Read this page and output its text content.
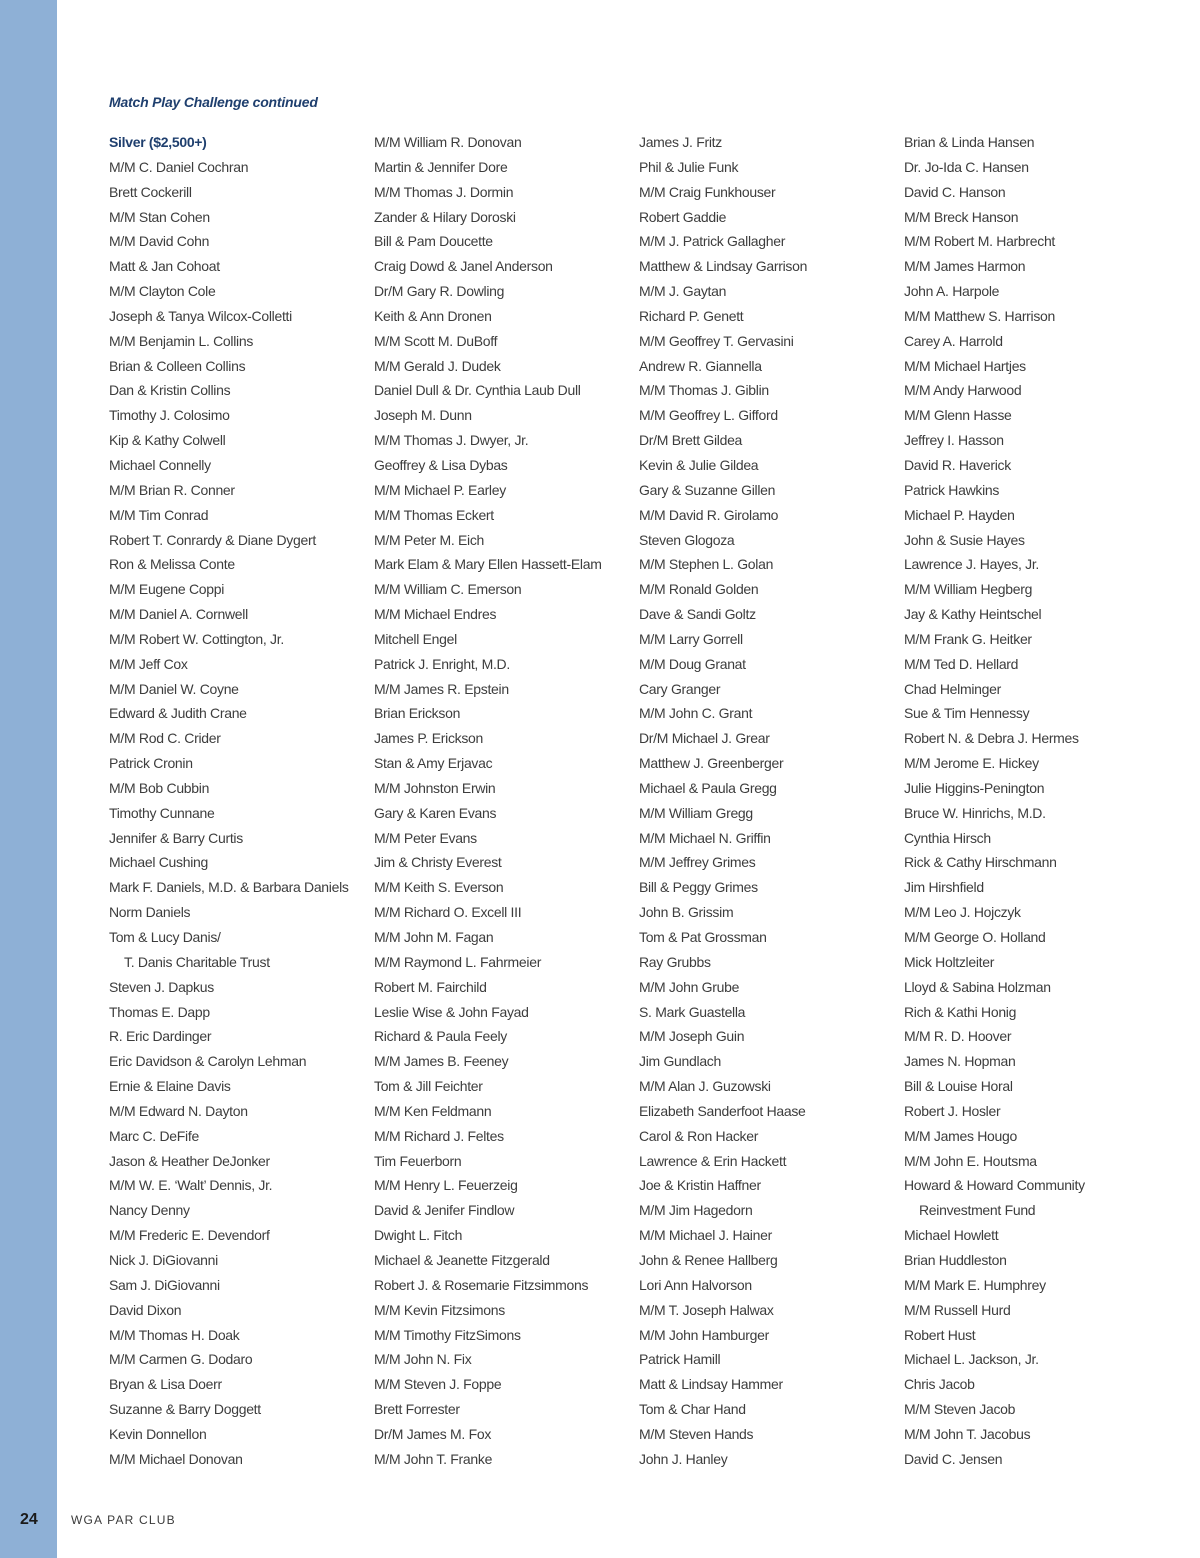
Match Play Challenge continued
Silver ($2,500+)
M/M C. Daniel Cochran
Brett Cockerill
M/M Stan Cohen
M/M David Cohn
Matt & Jan Cohoat
M/M Clayton Cole
Joseph & Tanya Wilcox-Colletti
M/M Benjamin L. Collins
Brian & Colleen Collins
Dan & Kristin Collins
Timothy J. Colosimo
Kip & Kathy Colwell
Michael Connelly
M/M Brian R. Conner
M/M Tim Conrad
Robert T. Conrardy & Diane Dygert
Ron & Melissa Conte
M/M Eugene Coppi
M/M Daniel A. Cornwell
M/M Robert W. Cottington, Jr.
M/M Jeff Cox
M/M Daniel W. Coyne
Edward & Judith Crane
M/M Rod C. Crider
Patrick Cronin
M/M Bob Cubbin
Timothy Cunnane
Jennifer & Barry Curtis
Michael Cushing
Mark F. Daniels, M.D. & Barbara Daniels
Norm Daniels
Tom & Lucy Danis/
T. Danis Charitable Trust
Steven J. Dapkus
Thomas E. Dapp
R. Eric Dardinger
Eric Davidson & Carolyn Lehman
Ernie & Elaine Davis
M/M Edward N. Dayton
Marc C. DeFife
Jason & Heather DeJonker
M/M W. E. ‘Walt’ Dennis, Jr.
Nancy Denny
M/M Frederic E. Devendorf
Nick J. DiGiovanni
Sam J. DiGiovanni
David Dixon
M/M Thomas H. Doak
M/M Carmen G. Dodaro
Bryan & Lisa Doerr
Suzanne & Barry Doggett
Kevin Donnellon
M/M Michael Donovan
M/M William R. Donovan
Martin & Jennifer Dore
M/M Thomas J. Dormin
Zander & Hilary Doroski
Bill & Pam Doucette
Craig Dowd & Janel Anderson
Dr/M Gary R. Dowling
Keith & Ann Dronen
M/M Scott M. DuBoff
M/M Gerald J. Dudek
Daniel Dull & Dr. Cynthia Laub Dull
Joseph M. Dunn
M/M Thomas J. Dwyer, Jr.
Geoffrey & Lisa Dybas
M/M Michael P. Earley
M/M Thomas Eckert
M/M Peter M. Eich
Mark Elam & Mary Ellen Hassett-Elam
M/M William C. Emerson
M/M Michael Endres
Mitchell Engel
Patrick J. Enright, M.D.
M/M James R. Epstein
Brian Erickson
James P. Erickson
Stan & Amy Erjavac
M/M Johnston Erwin
Gary & Karen Evans
M/M Peter Evans
Jim & Christy Everest
M/M Keith S. Everson
M/M Richard O. Excell III
M/M John M. Fagan
M/M Raymond L. Fahrmeier
Robert M. Fairchild
Leslie Wise & John Fayad
Richard & Paula Feely
M/M James B. Feeney
Tom & Jill Feichter
M/M Ken Feldmann
M/M Richard J. Feltes
Tim Feuerborn
M/M Henry L. Feuerzeig
David & Jenifer Findlow
Dwight L. Fitch
Michael & Jeanette Fitzgerald
Robert J. & Rosemarie Fitzsimmons
M/M Kevin Fitzsimons
M/M Timothy FitzSimons
M/M John N. Fix
M/M Steven J. Foppe
Brett Forrester
Dr/M James M. Fox
M/M John T. Franke
James J. Fritz
Phil & Julie Funk
M/M Craig Funkhouser
Robert Gaddie
M/M J. Patrick Gallagher
Matthew & Lindsay Garrison
M/M J. Gaytan
Richard P. Genett
M/M Geoffrey T. Gervasini
Andrew R. Giannella
M/M Thomas J. Giblin
M/M Geoffrey L. Gifford
Dr/M Brett Gildea
Kevin & Julie Gildea
Gary & Suzanne Gillen
M/M David R. Girolamo
Steven Glogoza
M/M Stephen L. Golan
M/M Ronald Golden
Dave & Sandi Goltz
M/M Larry Gorrell
M/M Doug Granat
Cary Granger
M/M John C. Grant
Dr/M Michael J. Grear
Matthew J. Greenberger
Michael & Paula Gregg
M/M William Gregg
M/M Michael N. Griffin
M/M Jeffrey Grimes
Bill & Peggy Grimes
John B. Grissim
Tom & Pat Grossman
Ray Grubbs
M/M John Grube
S. Mark Guastella
M/M Joseph Guin
Jim Gundlach
M/M Alan J. Guzowski
Elizabeth Sanderfoot Haase
Carol & Ron Hacker
Lawrence & Erin Hackett
Joe & Kristin Haffner
M/M Jim Hagedorn
M/M Michael J. Hainer
John & Renee Hallberg
Lori Ann Halvorson
M/M T. Joseph Halwax
M/M John Hamburger
Patrick Hamill
Matt & Lindsay Hammer
Tom & Char Hand
M/M Steven Hands
John J. Hanley
Brian & Linda Hansen
Dr. Jo-Ida C. Hansen
David C. Hanson
M/M Breck Hanson
M/M Robert M. Harbrecht
M/M James Harmon
John A. Harpole
M/M Matthew S. Harrison
Carey A. Harrold
M/M Michael Hartjes
M/M Andy Harwood
M/M Glenn Hasse
Jeffrey I. Hasson
David R. Haverick
Patrick Hawkins
Michael P. Hayden
John & Susie Hayes
Lawrence J. Hayes, Jr.
M/M William Hegberg
Jay & Kathy Heintschel
M/M Frank G. Heitker
M/M Ted D. Hellard
Chad Helminger
Sue & Tim Hennessy
Robert N. & Debra J. Hermes
M/M Jerome E. Hickey
Julie Higgins-Penington
Bruce W. Hinrichs, M.D.
Cynthia Hirsch
Rick & Cathy Hirschmann
Jim Hirshfield
M/M Leo J. Hojczyk
M/M George O. Holland
Mick Holtzleiter
Lloyd & Sabina Holzman
Rich & Kathi Honig
M/M R. D. Hoover
James N. Hopman
Bill & Louise Horal
Robert J. Hosler
M/M James Hougo
M/M John E. Houtsma
Howard & Howard Community
Reinvestment Fund
Michael Howlett
Brian Huddleston
M/M Mark E. Humphrey
M/M Russell Hurd
Robert Hust
Michael L. Jackson, Jr.
Chris Jacob
M/M Steven Jacob
M/M John T. Jacobus
David C. Jensen
24	WGA PAR CLUB
